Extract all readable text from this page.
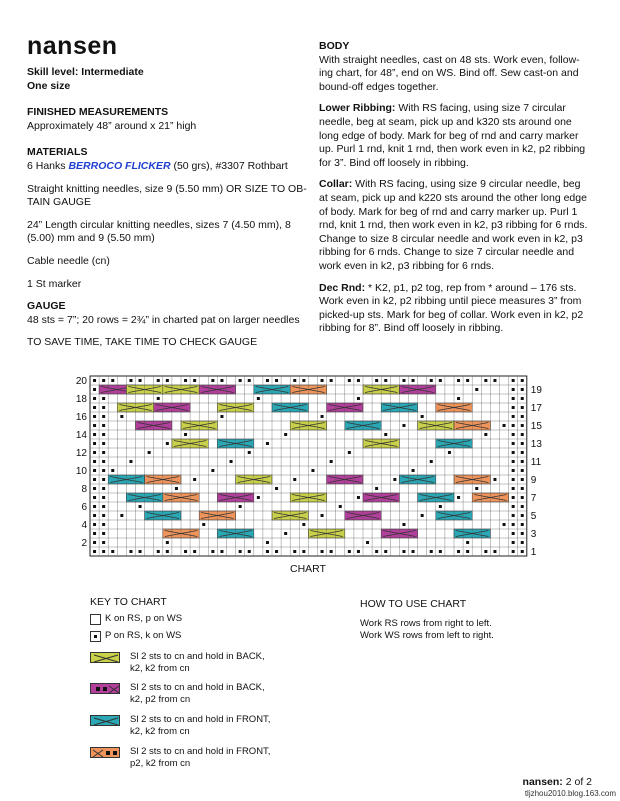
nansen

Skill level: Intermediate

One size

FINISHED MEASUREMENTS

Approximately 48” around x 21” high

MATERIALS

6 Hanks BERROCO FLICKER (50 grs), #3307 Rothbart

Straight knitting needles, size 9 (5.50 mm) OR SIZE TO OB-TAIN GAUGE

24” Length circular knitting needles, sizes 7 (4.50 mm), 8 (5.00) mm and 9 (5.50 mm)

Cable needle (cn)

1 St marker

GAUGE

48 sts = 7”; 20 rows = 2¾” in charted pat on larger needles

TO SAVE TIME, TAKE TIME TO CHECK GAUGE

BODY

With straight needles, cast on 48 sts. Work even, follow-ing chart, for 48”, end on WS. Bind off. Sew cast-on and bound-off edges together.

Lower Ribbing: With RS facing, using size 7 circular needle, beg at seam, pick up and k320 sts around one long edge of body. Mark for beg of rnd and carry marker up. Purl 1 rnd, knit 1 rnd, then work even in k2, p2 ribbing for 3”. Bind off loosely in ribbing.

Collar: With RS facing, using size 9 circular needle, beg at seam, pick up and k220 sts around the other long edge of body. Mark for beg of rnd and carry marker up. Purl 1 rnd, knit 1 rnd, then work even in k2, p3 ribbing for 6 rnds. Change to size 8 circular needle and work even in k2, p3 ribbing for 6 rnds. Change to size 7 circular needle and work even in k2, p3 ribbing for 6 rnds.

Dec Rnd: * K2, p1, p2 tog, rep from * around – 176 sts. Work even in k2, p2 ribbing until piece measures 3” from picked-up sts. Mark for beg of collar. Work even in k2, p2 ribbing for 8”. Bind off loosely in ribbing.

20
18
16
14
12
10
8
6
4
2
19
17
15
13
11
9
7
5
3
1
CHART
KEY TO CHART
K on RS, p on WS
P on RS, k on WS
Sl 2 sts to cn and hold in BACK,
k2, k2 from cn
Sl 2 sts to cn and hold in BACK,
k2, p2 from cn
Sl 2 sts to cn and hold in FRONT,
k2, k2 from cn
Sl 2 sts to cn and hold in FRONT,
p2, k2 from cn
HOW TO USE CHART
Work RS rows from right to left.
Work WS rows from left to right.
nansen: 2 of 2
tljzhou2010.blog.163.com
